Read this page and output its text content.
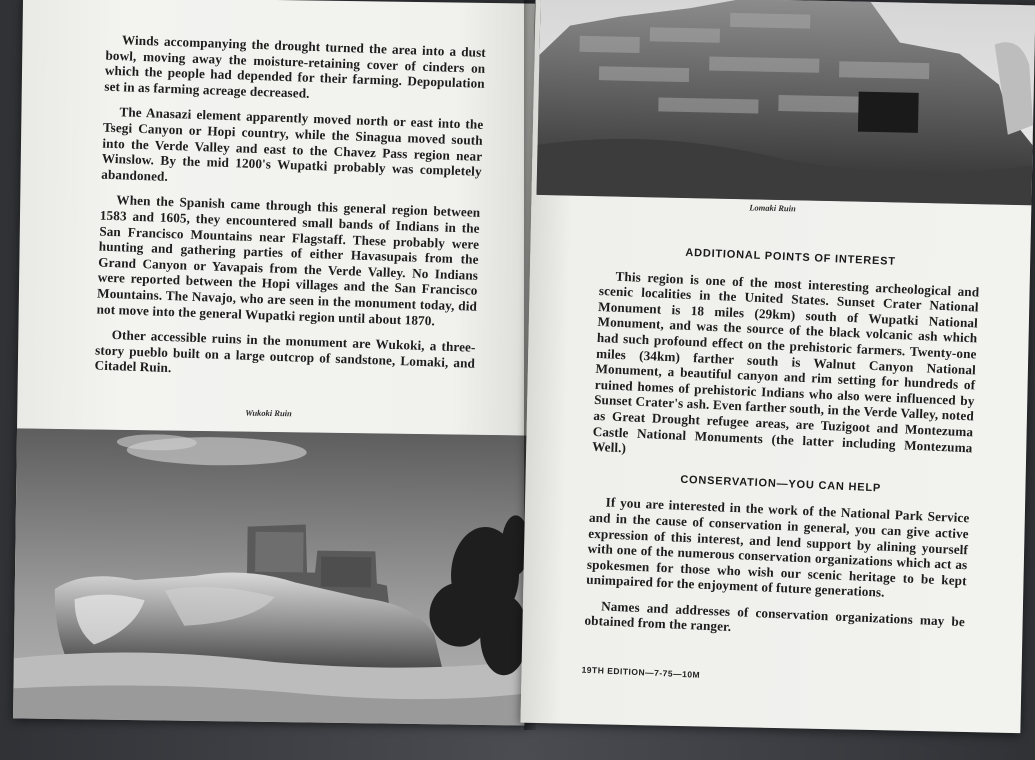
Winds accompanying the drought turned the area into a dust bowl, moving away the moisture-retaining cover of cinders on which the people had depended for their farming. Depopulation set in as farming acreage decreased.

The Anasazi element apparently moved north or east into the Tsegi Canyon or Hopi country, while the Sinagua moved south into the Verde Valley and east to the Chavez Pass region near Winslow. By the mid 1200's Wupatki probably was completely abandoned.

When the Spanish came through this general region between 1583 and 1605, they encountered small bands of Indians in the San Francisco Mountains near Flagstaff. These probably were hunting and gathering parties of either Havasupais from the Grand Canyon or Yavapais from the Verde Valley. No Indians were reported between the Hopi villages and the San Francisco Mountains. The Navajo, who are seen in the monument today, did not move into the general Wupatki region until about 1870.

Other accessible ruins in the monument are Wukoki, a three-story pueblo built on a large outcrop of sandstone, Lomaki, and Citadel Ruin.

Wukoki Ruin
Lomaki Ruin

ADDITIONAL POINTS OF INTEREST

This region is one of the most interesting archeological and scenic localities in the United States. Sunset Crater National Monument is 18 miles (29km) south of Wupatki National Monument, and was the source of the black volcanic ash which had such profound effect on the prehistoric farmers. Twenty-one miles (34km) farther south is Walnut Canyon National Monument, a beautiful canyon and rim setting for hundreds of ruined homes of prehistoric Indians who also were influenced by Sunset Crater's ash. Even farther south, in the Verde Valley, noted as Great Drought refugee areas, are Tuzigoot and Montezuma Castle National Monuments (the latter including Montezuma Well.)

CONSERVATION—YOU CAN HELP

If you are interested in the work of the National Park Service and in the cause of conservation in general, you can give active expression of this interest, and lend support by alining yourself with one of the numerous conservation organizations which act as spokesmen for those who wish our scenic heritage to be kept unimpaired for the enjoyment of future generations.

Names and addresses of conservation organizations may be obtained from the ranger.

19TH EDITION—7-75—10M
